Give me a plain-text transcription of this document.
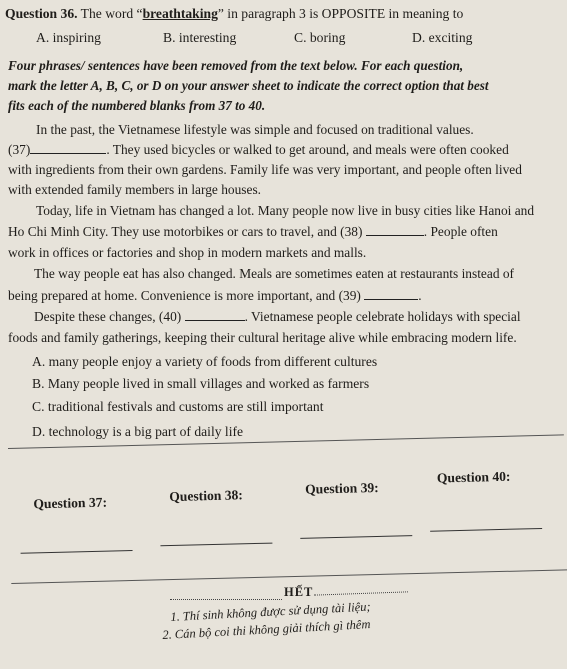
Question 36. The word “breathtaking” in paragraph 3 is OPPOSITE in meaning to
A. inspiring	B. interesting	C. boring	D. exciting
Four phrases/ sentences have been removed from the text below. For each question,
mark the letter A, B, C, or D on your answer sheet to indicate the correct option that best
fits each of the numbered blanks from 37 to 40.
In the past, the Vietnamese lifestyle was simple and focused on traditional values.
(37)	. They used bicycles or walked to get around, and meals were often cooked
with ingredients from their own gardens. Family life was very important, and people often lived
with extended family members in large houses.
Today, life in Vietnam has changed a lot. Many people now live in busy cities like Hanoi and
Ho Chi Minh City. They use motorbikes or cars to travel, and (38)	. People often
work in offices or factories and shop in modern markets and malls.
The way people eat has also changed. Meals are sometimes eaten at restaurants instead of
being prepared at home. Convenience is more important, and (39)	.
Despite these changes, (40)	. Vietnamese people celebrate holidays with special
foods and family gatherings, keeping their cultural heritage alive while embracing modern life.
A. many people enjoy a variety of foods from different cultures
B. Many people lived in small villages and worked as farmers
C. traditional festivals and customs are still important
D. technology is a big part of daily life
Question 37:	Question 38:	Question 39:
Question 40:
HẾT
1. Thí sinh không được sử dụng tài liệu;
2. Cán bộ coi thi không giải thích gì thêm
